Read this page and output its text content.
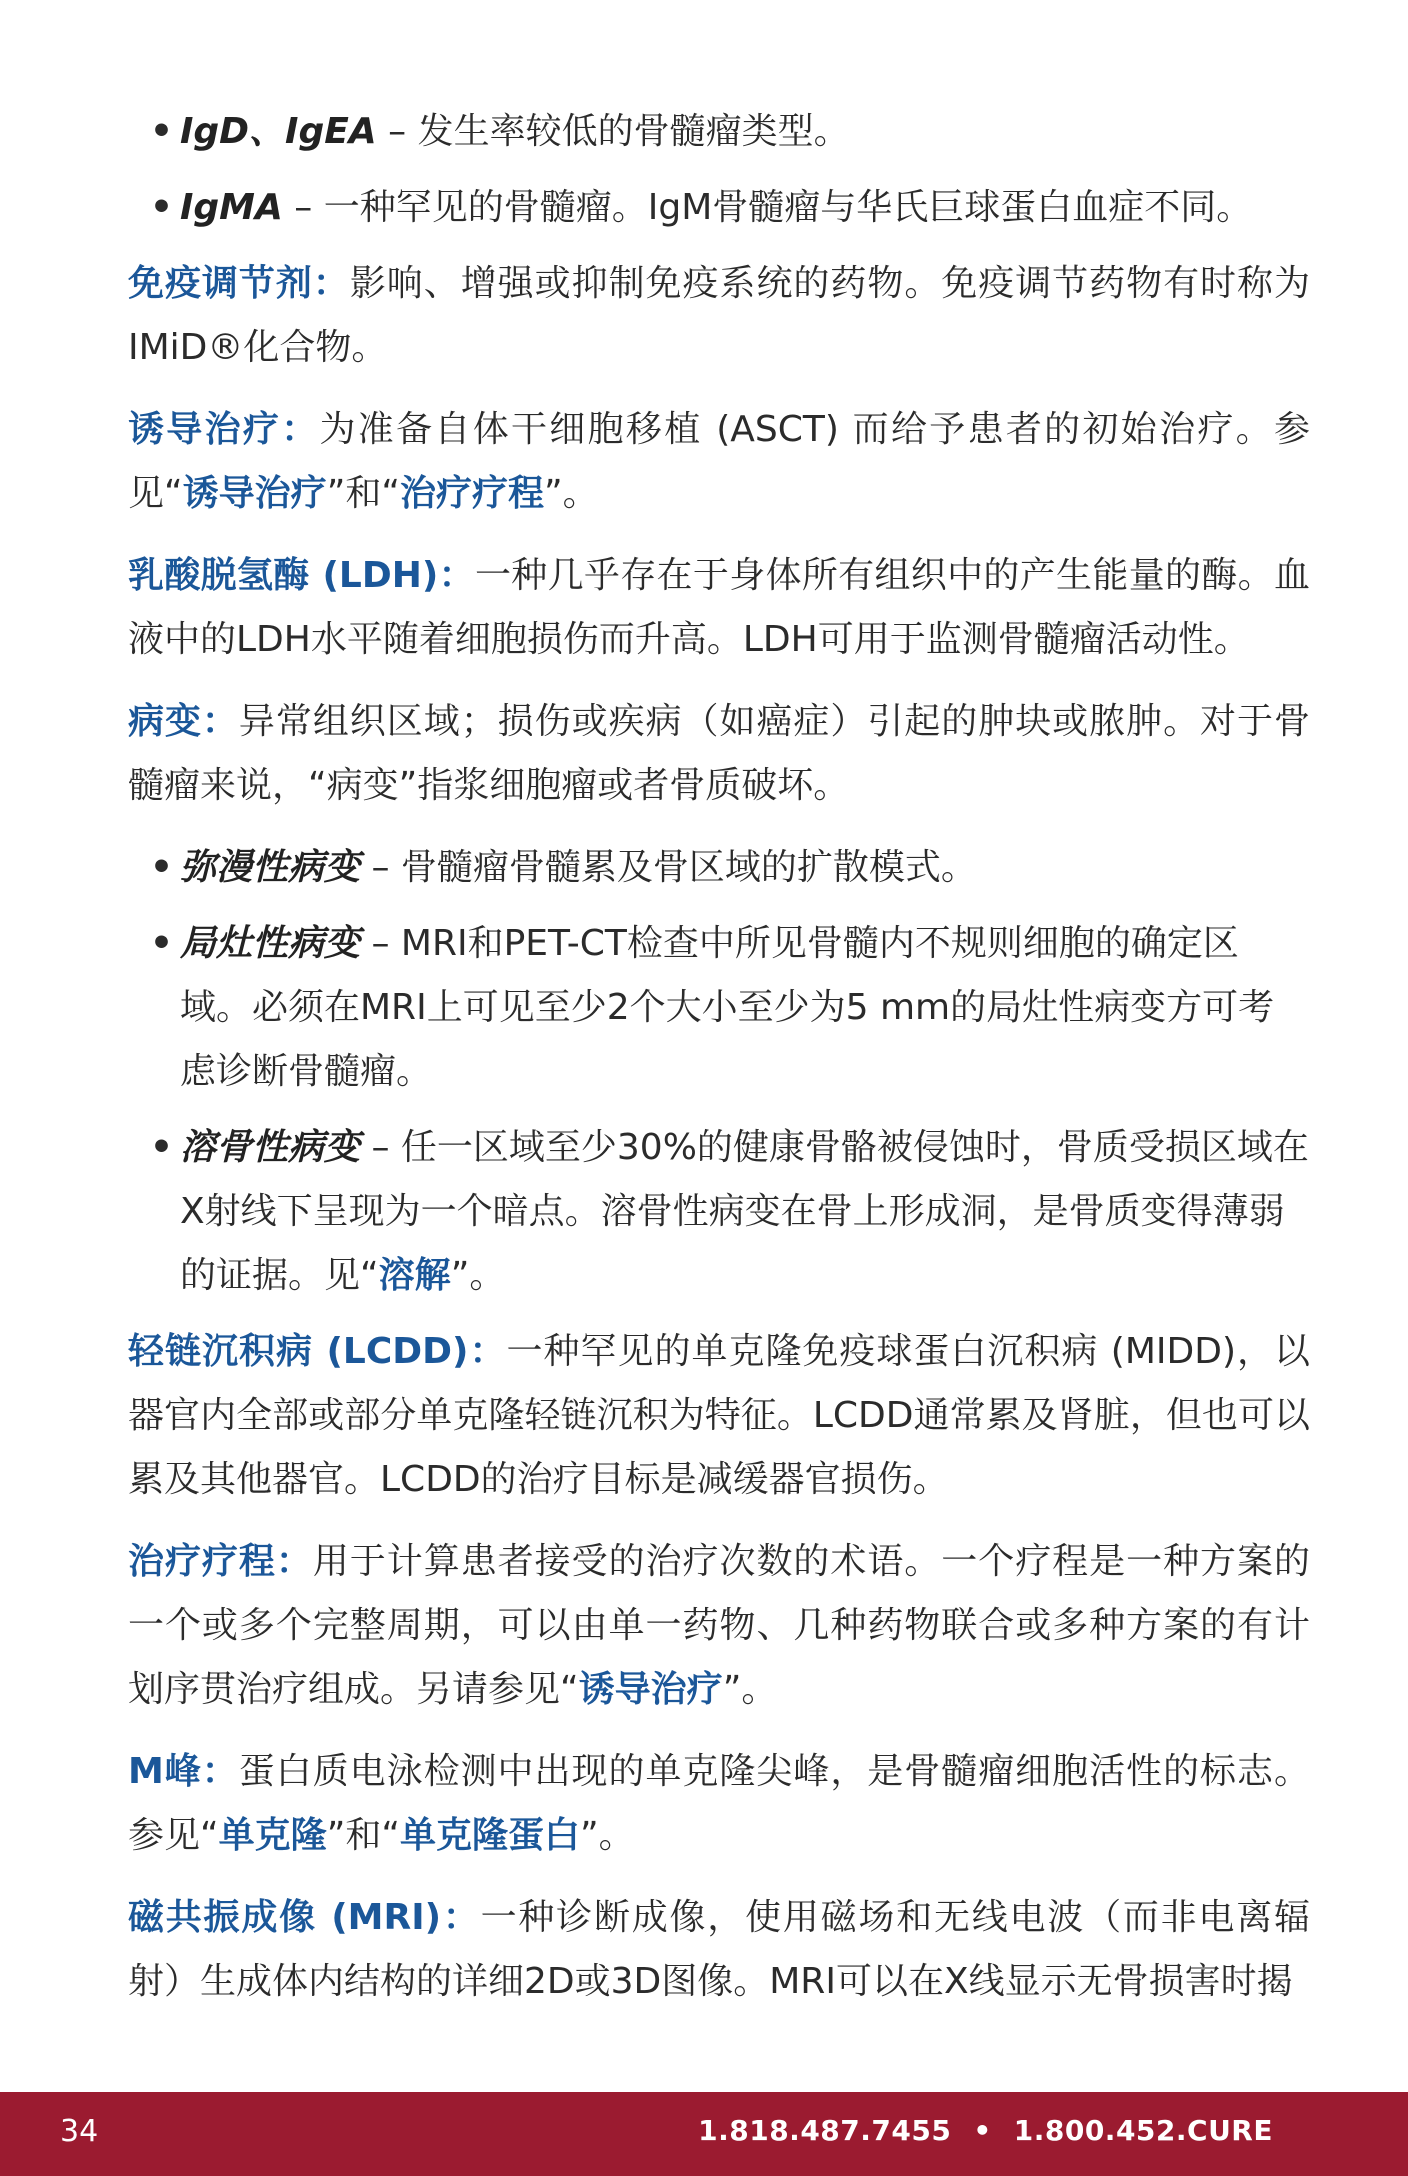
• IgD、IgEA – 发生率较低的骨髓瘤类型。
• IgMA – 一种罕见的骨髓瘤。IgM骨髓瘤与华氏巨球蛋白血症不同。

免疫调节剂：影响、增强或抑制免疫系统的药物。免疫调节药物有时称为IMiD®化合物。

诱导治疗：为准备自体干细胞移植 (ASCT) 而给予患者的初始治疗。参见“诱导治疗”和“治疗疗程”。

乳酸脱氢酶 (LDH)：一种几乎存在于身体所有组织中的产生能量的酶。血液中的LDH水平随着细胞损伤而升高。LDH可用于监测骨髓瘤活动性。

病变：异常组织区域；损伤或疾病（如癌症）引起的肿块或脓肿。对于骨髓瘤来说，“病变”指浆细胞瘤或者骨质破坏。

• 弥漫性病变 – 骨髓瘤骨髓累及骨区域的扩散模式。
• 局灶性病变 – MRI和PET-CT检查中所见骨髓内不规则细胞的确定区域。必须在MRI上可见至少2个大小至少为5 mm的局灶性病变方可考虑诊断骨髓瘤。
• 溶骨性病变 – 任一区域至少30%的健康骨骼被侵蚀时，骨质受损区域在X射线下呈现为一个暗点。溶骨性病变在骨上形成洞，是骨质变得薄弱的证据。见“溶解”。

轻链沉积病 (LCDD)：一种罕见的单克隆免疫球蛋白沉积病 (MIDD)，以器官内全部或部分单克隆轻链沉积为特征。LCDD通常累及肾脏，但也可以累及其他器官。LCDD的治疗目标是减缓器官损伤。

治疗疗程：用于计算患者接受的治疗次数的术语。一个疗程是一种方案的一个或多个完整周期，可以由单一药物、几种药物联合或多种方案的有计划序贯治疗组成。另请参见“诱导治疗”。

M峰：蛋白质电泳检测中出现的单克隆尖峰，是骨髓瘤细胞活性的标志。参见“单克隆”和“单克隆蛋白”。

磁共振成像 (MRI)：一种诊断成像，使用磁场和无线电波（而非电离辐射）生成体内结构的详细2D或3D图像。MRI可以在X线显示无骨损害时揭

34	1.818.487.7455 • 1.800.452.CURE
